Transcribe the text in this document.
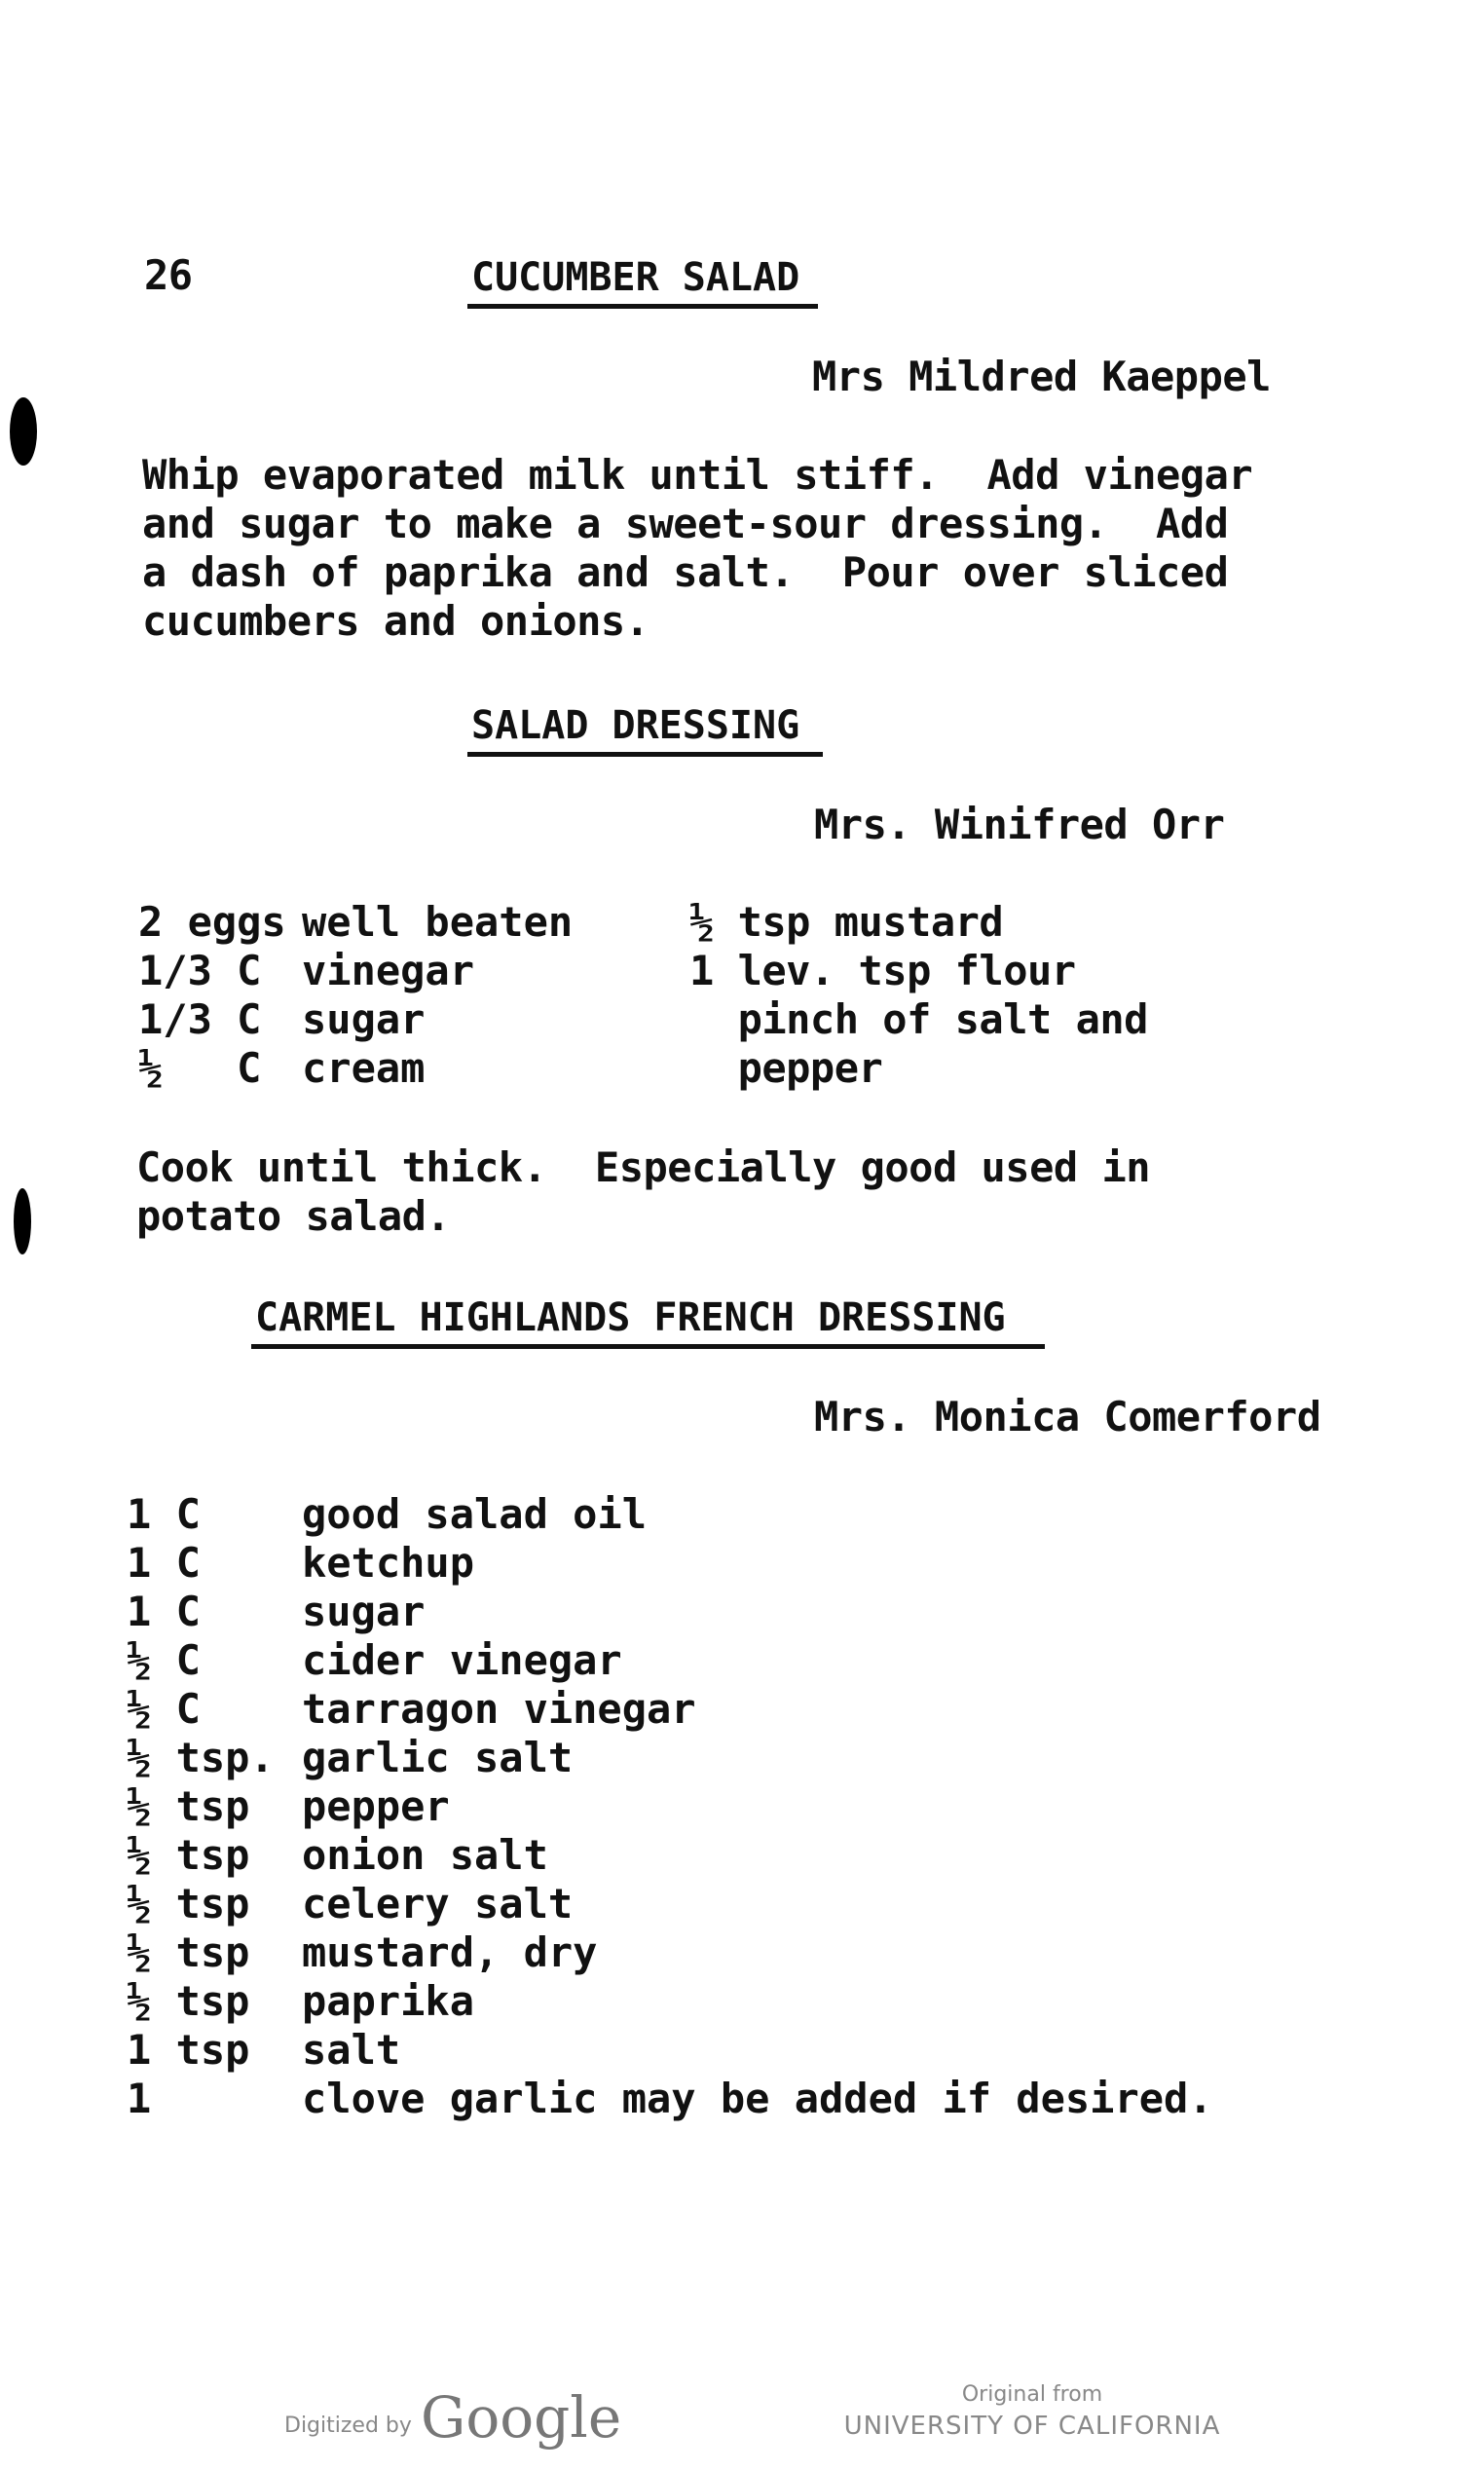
26	CUCUMBER SALAD
Mrs Mildred Kaeppel
Whip evaporated milk until stiff.  Add vinegar
and sugar to make a sweet-sour dressing.  Add
a dash of paprika and salt.  Pour over sliced
cucumbers and onions.
SALAD DRESSING
Mrs. Winifred Orr
2 eggs well beaten
1/3 C vinegar
1/3 C sugar
½   C cream
½ tsp mustard
1 lev. tsp flour
pinch of salt and
pepper
Cook until thick.  Especially good used in
potato salad.
CARMEL HIGHLANDS FRENCH DRESSING
Mrs. Monica Comerford
1 C good salad oil
1 C ketchup
1 C sugar
½ C cider vinegar
½ C tarragon vinegar
½ tsp. garlic salt
½ tsp pepper
½ tsp onion salt
½ tsp celery salt
½ tsp mustard, dry
½ tsp paprika
1 tsp salt
1	clove garlic may be added if desired.
Digitized by Google	Original from
UNIVERSITY OF CALIFORNIA
